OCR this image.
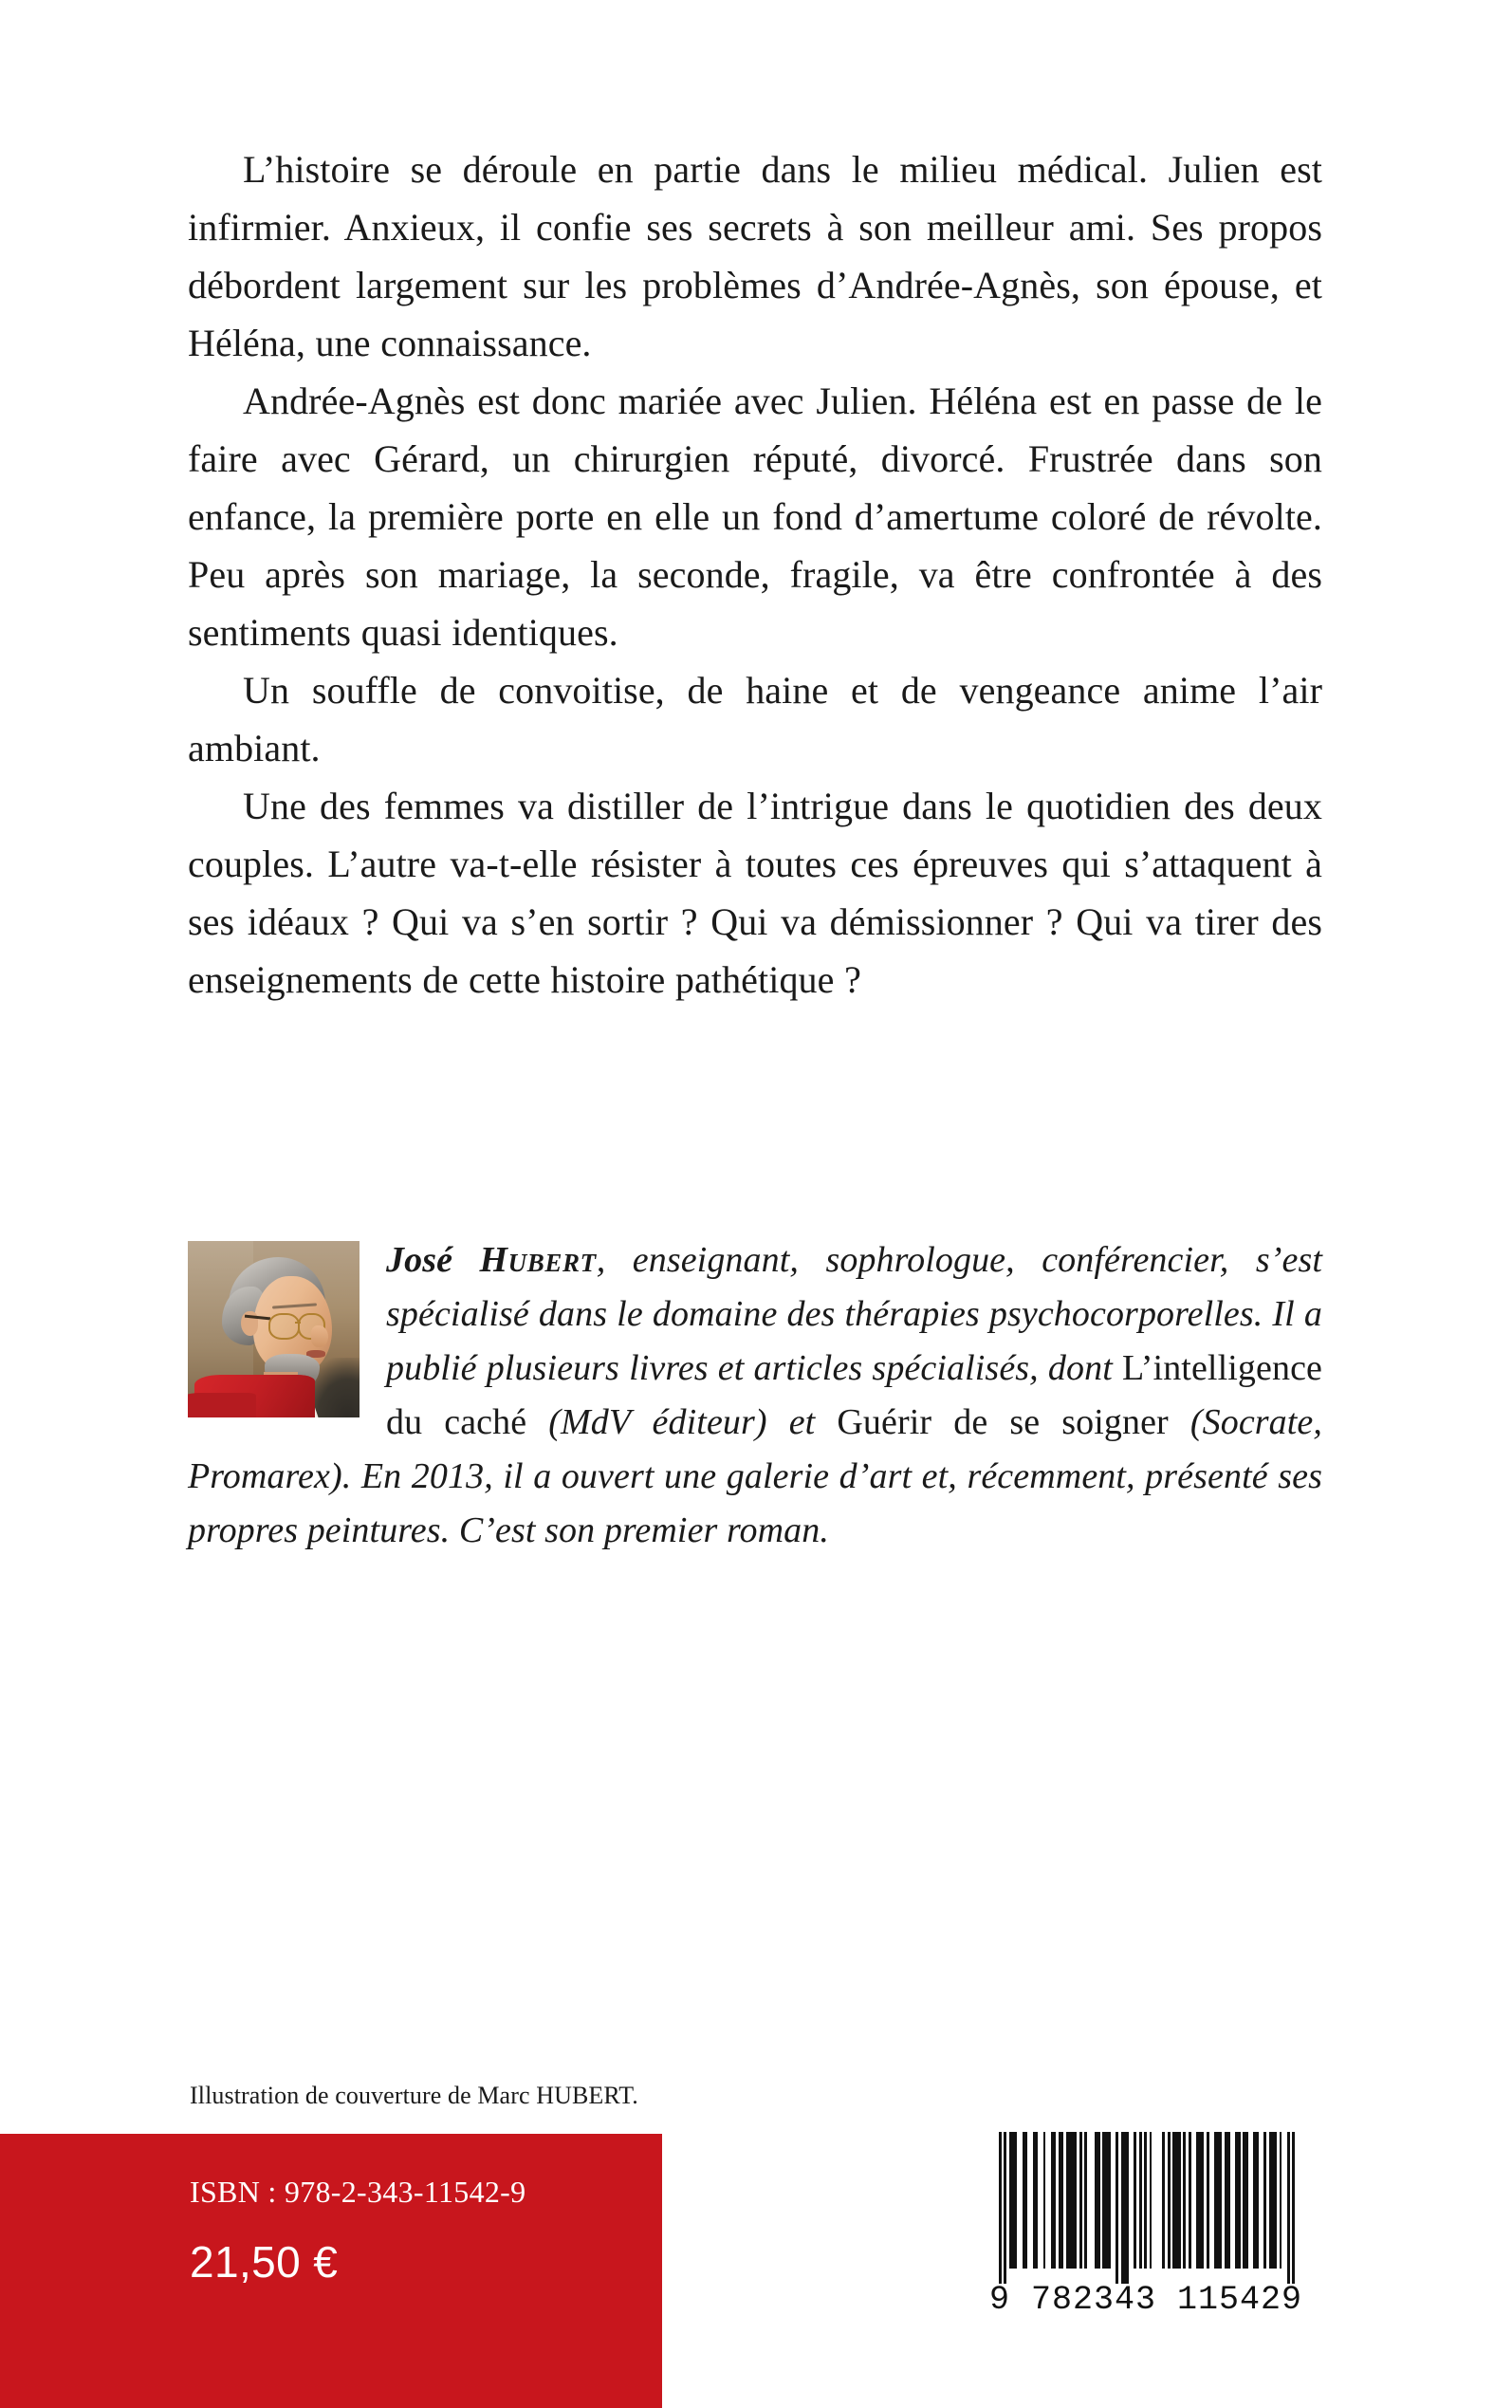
L’histoire se déroule en partie dans le milieu médical. Julien est infirmier. Anxieux, il confie ses secrets à son meilleur ami. Ses propos débordent largement sur les problèmes d’Andrée-Agnès, son épouse, et Héléna, une connaissance.

Andrée-Agnès est donc mariée avec Julien. Héléna est en passe de le faire avec Gérard, un chirurgien réputé, divorcé. Frustrée dans son enfance, la première porte en elle un fond d’amertume coloré de révolte. Peu après son mariage, la seconde, fragile, va être confrontée à des sentiments quasi identiques.

Un souffle de convoitise, de haine et de vengeance anime l’air ambiant.

Une des femmes va distiller de l’intrigue dans le quotidien des deux couples. L’autre va-t-elle résister à toutes ces épreuves qui s’attaquent à ses idéaux ? Qui va s’en sortir ? Qui va démissionner ? Qui va tirer des enseignements de cette histoire pathétique ?

José Hubert, enseignant, sophrologue, conférencier, s’est spécialisé dans le domaine des thérapies psychocorporelles. Il a publié plusieurs livres et articles spécialisés, dont L’intelligence du caché (MdV éditeur) et Guérir de se soigner (Socrate, Promarex). En 2013, il a ouvert une galerie d’art et, récemment, présenté ses propres peintures. C’est son premier roman.
Illustration de couverture de Marc HUBERT.
ISBN : 978-2-343-11542-9
21,50 €
9 782343 115429
